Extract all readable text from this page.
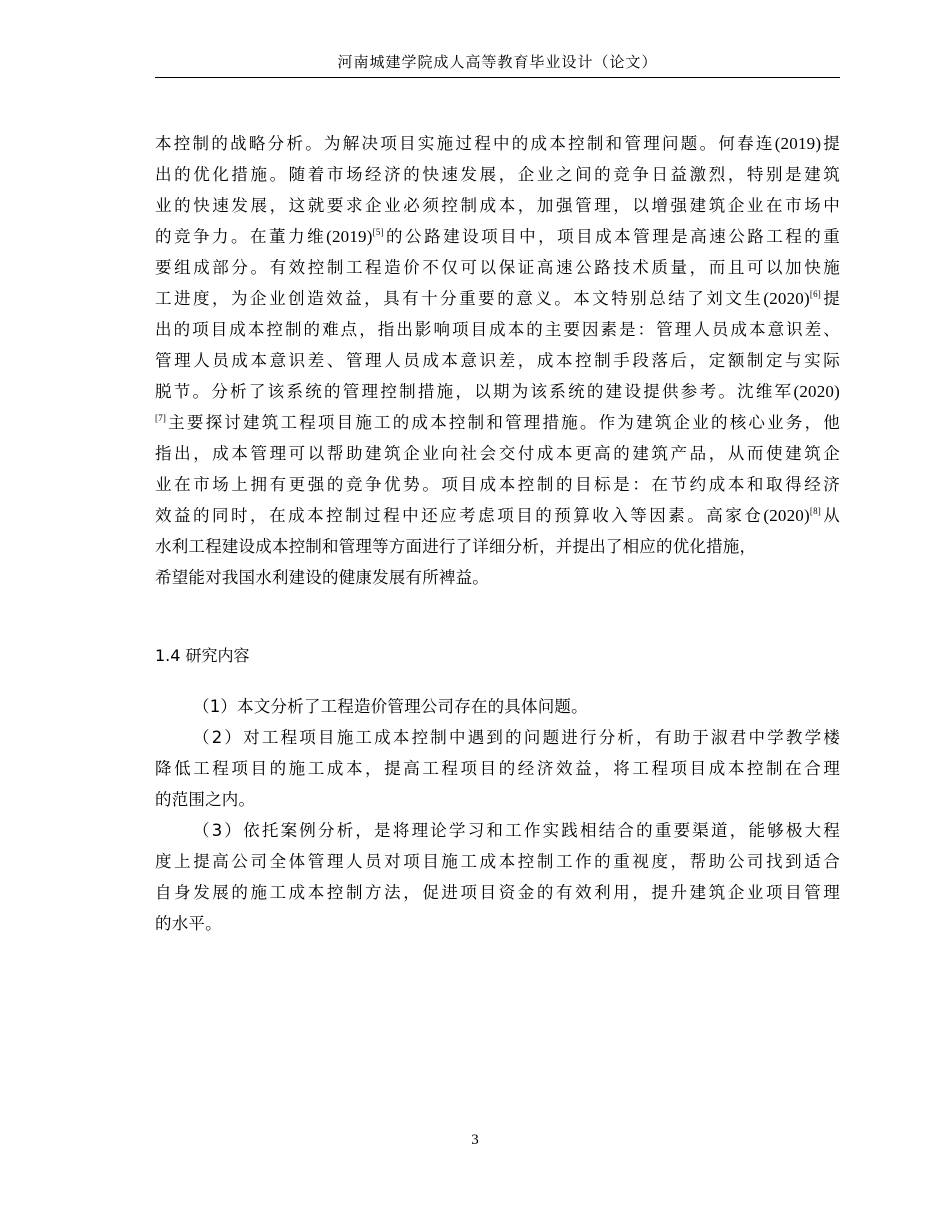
河南城建学院成人高等教育毕业设计（论文）
本控制的战略分析。为解决项目实施过程中的成本控制和管理问题。何春连(2019)提
出的优化措施。随着市场经济的快速发展，企业之间的竞争日益激烈，特别是建筑
业的快速发展，这就要求企业必须控制成本，加强管理，以增强建筑企业在市场中
的竞争力。在董力维(2019)[5]的公路建设项目中，项目成本管理是高速公路工程的重
要组成部分。有效控制工程造价不仅可以保证高速公路技术质量，而且可以加快施
工进度，为企业创造效益，具有十分重要的意义。本文特别总结了刘文生(2020)[6]提
出的项目成本控制的难点，指出影响项目成本的主要因素是：管理人员成本意识差、
管理人员成本意识差、管理人员成本意识差，成本控制手段落后，定额制定与实际
脱节。分析了该系统的管理控制措施，以期为该系统的建设提供参考。沈维军(2020)
[7]主要探讨建筑工程项目施工的成本控制和管理措施。作为建筑企业的核心业务，他
指出，成本管理可以帮助建筑企业向社会交付成本更高的建筑产品，从而使建筑企
业在市场上拥有更强的竞争优势。项目成本控制的目标是：在节约成本和取得经济
效益的同时，在成本控制过程中还应考虑项目的预算收入等因素。高家仓(2020)[8]从
水利工程建设成本控制和管理等方面进行了详细分析，并提出了相应的优化措施，
希望能对我国水利建设的健康发展有所裨益。
1.4 研究内容
（1）本文分析了工程造价管理公司存在的具体问题。
（2）对工程项目施工成本控制中遇到的问题进行分析，有助于淑君中学教学楼
降低工程项目的施工成本，提高工程项目的经济效益，将工程项目成本控制在合理
的范围之内。
（3）依托案例分析，是将理论学习和工作实践相结合的重要渠道，能够极大程
度上提高公司全体管理人员对项目施工成本控制工作的重视度，帮助公司找到适合
自身发展的施工成本控制方法，促进项目资金的有效利用，提升建筑企业项目管理
的水平。
3
